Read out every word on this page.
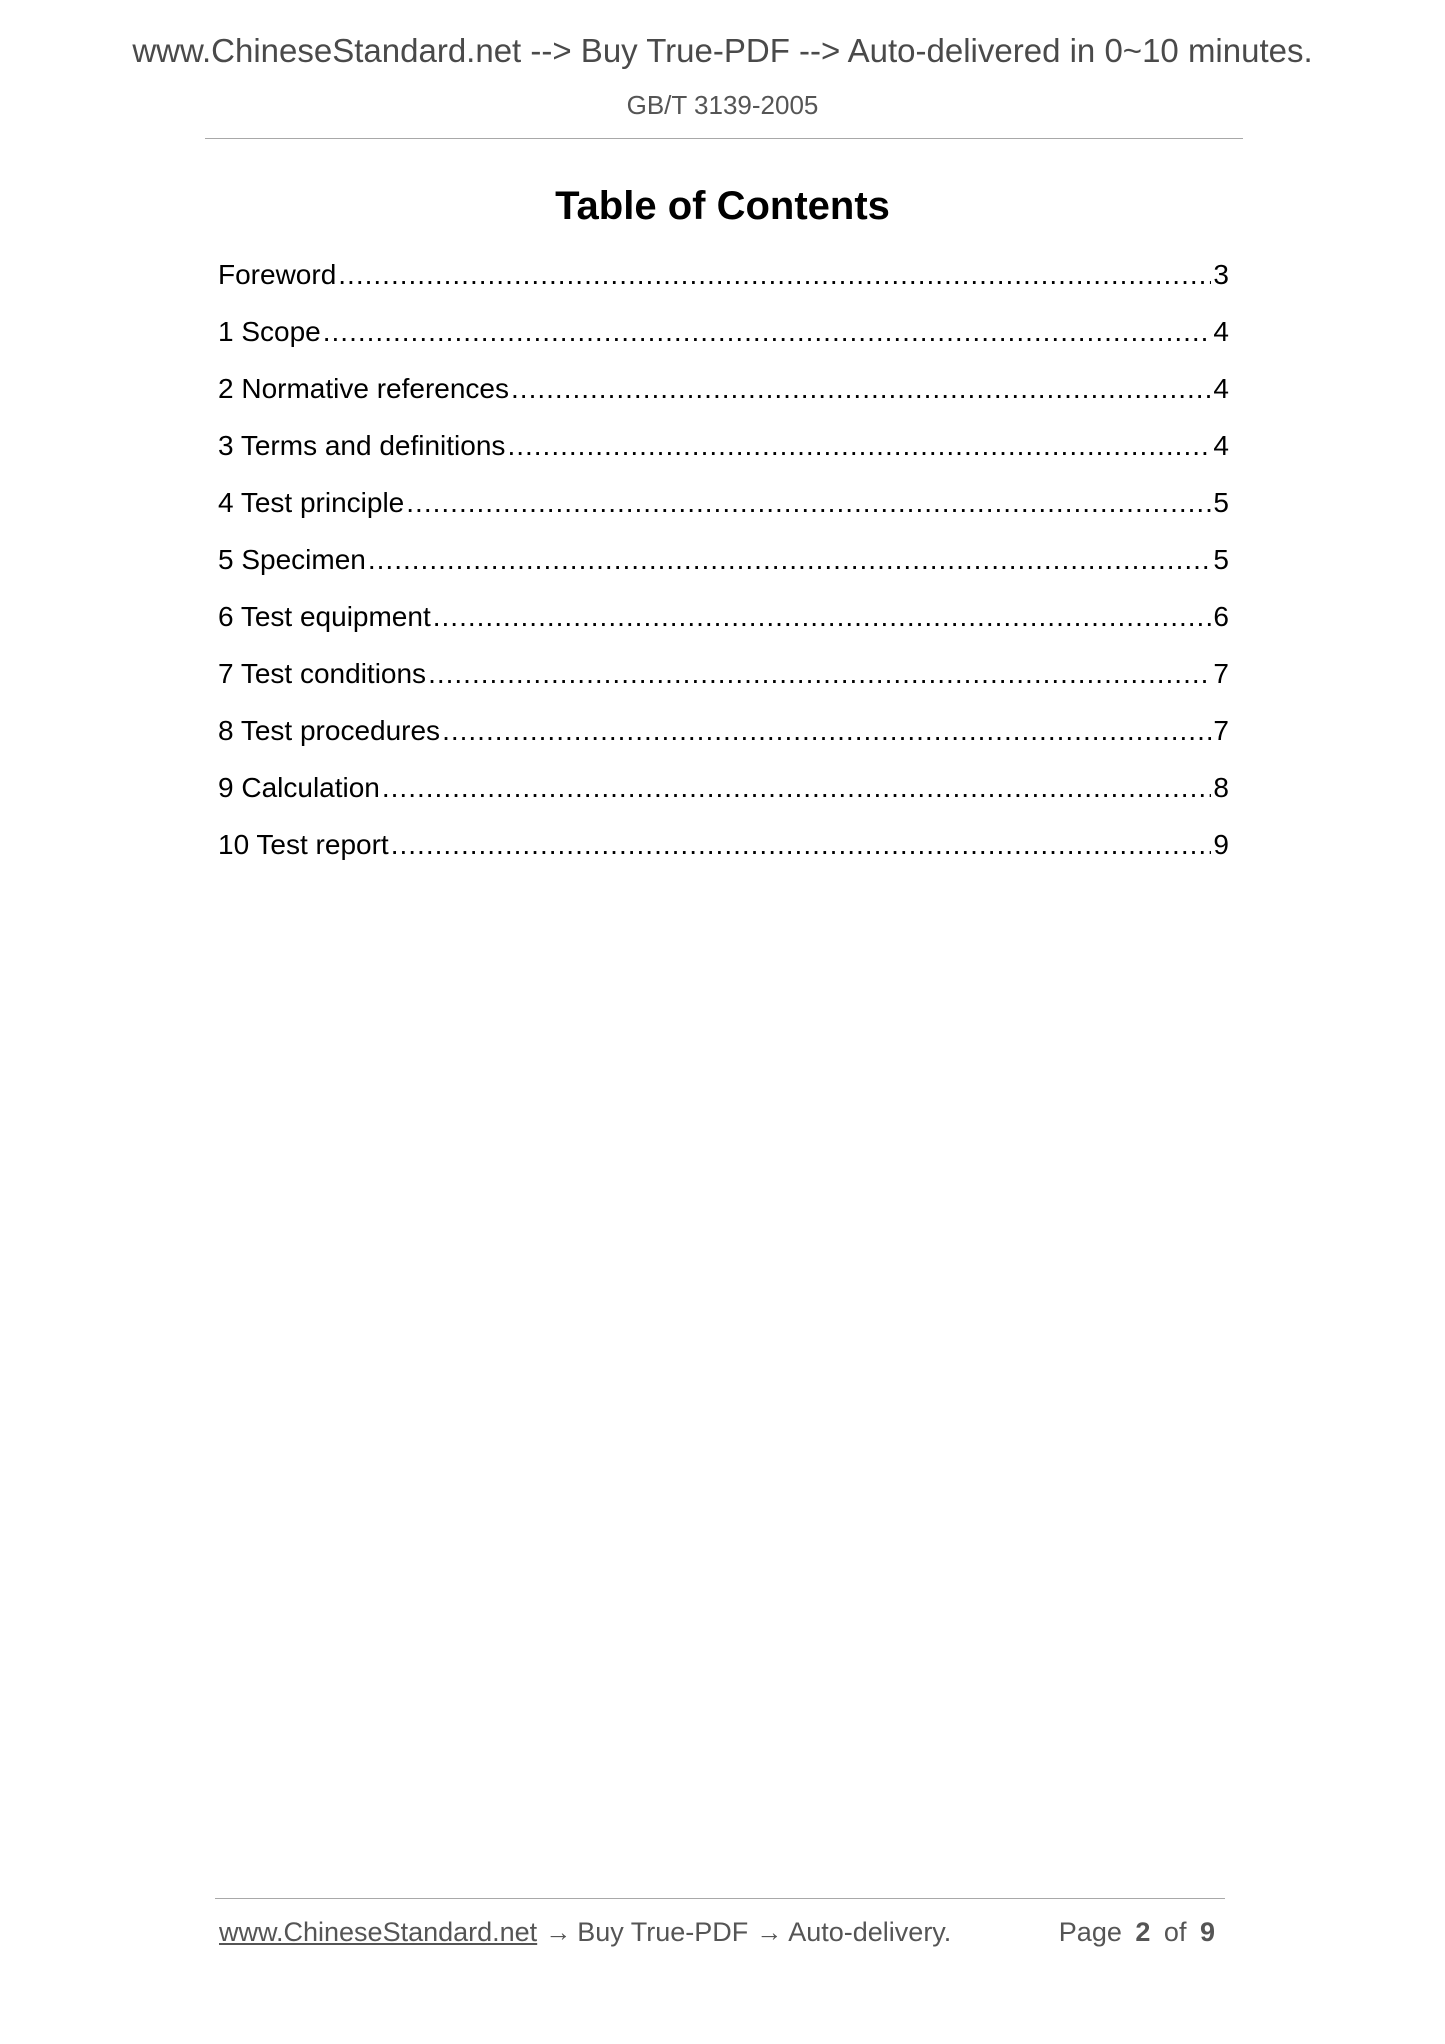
www.ChineseStandard.net --> Buy True-PDF --> Auto-delivered in 0~10 minutes.
GB/T 3139-2005
Table of Contents
Foreword .....	3
1 Scope .....	4
2 Normative references .....	4
3 Terms and definitions .....	4
4 Test principle .....	5
5 Specimen .....	5
6 Test equipment .....	6
7 Test conditions .....	7
8 Test procedures .....	7
9 Calculation .....	8
10 Test report .....	9
www.ChineseStandard.net → Buy True-PDF → Auto-delivery.	Page 2 of 9
